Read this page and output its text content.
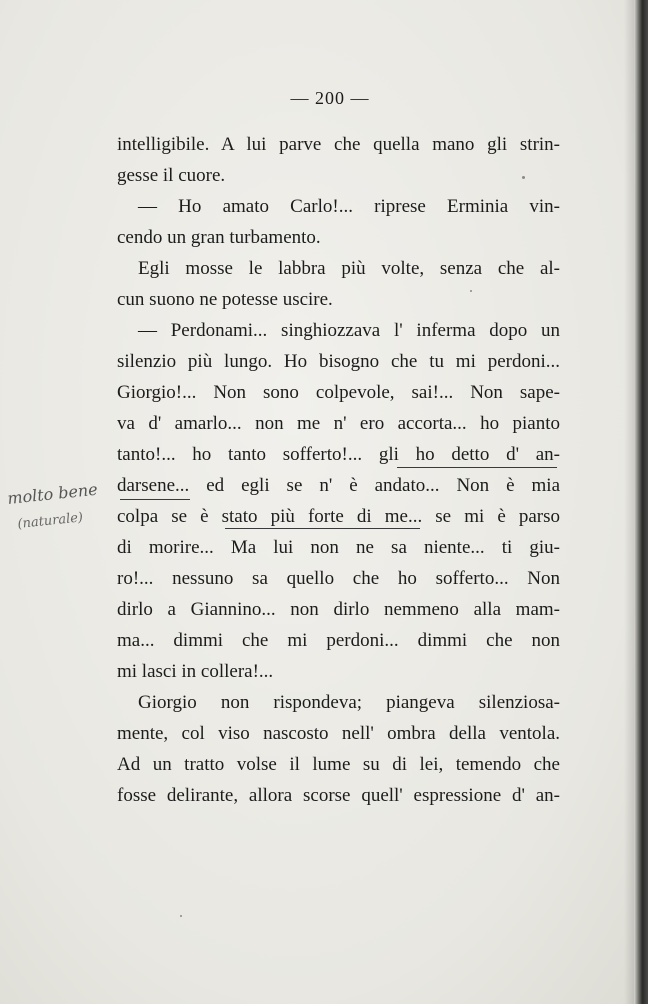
— 200 —
intelligibile. A lui parve che quella mano gli strin-
gesse il cuore.
— Ho amato Carlo!... riprese Erminia vin-
cendo un gran turbamento.
Egli mosse le labbra più volte, senza che al-
cun suono ne potesse uscire.
— Perdonami... singhiozzava l' inferma dopo un
silenzio più lungo. Ho bisogno che tu mi perdoni...
Giorgio!... Non sono colpevole, sai!... Non sape-
va d' amarlo... non me n' ero accorta... ho pianto
tanto!... ho tanto sofferto!... gli ho detto d' an-
darsene... ed egli se n' è andato... Non è mia
colpa se è stato più forte di me... se mi è parso
di morire... Ma lui non ne sa niente... ti giu-
ro!... nessuno sa quello che ho sofferto... Non
dirlo a Giannino... non dirlo nemmeno alla mam-
ma... dimmi che mi perdoni... dimmi che non
mi lasci in collera!...
Giorgio non rispondeva; piangeva silenziosa-
mente, col viso nascosto nell' ombra della ventola.
Ad un tratto volse il lume su di lei, temendo che
fosse delirante, allora scorse quell' espressione d' an-
molto bene
(naturale)
